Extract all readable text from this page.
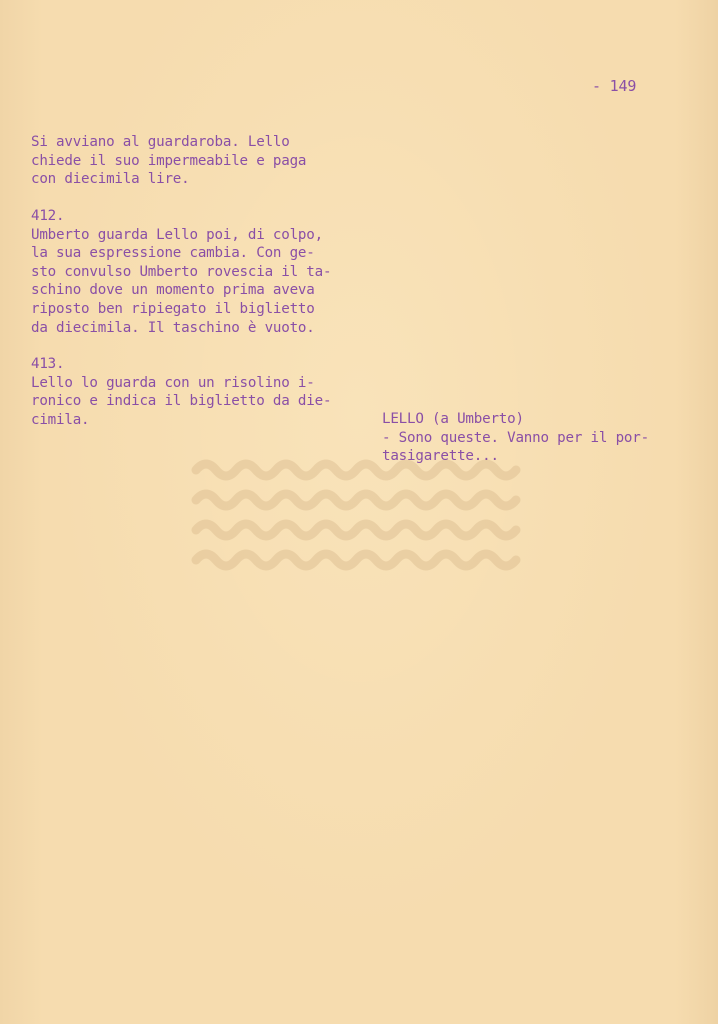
- 149
Si avviano al guardaroba. Lello
chiede il suo impermeabile e paga
con diecimila lire.
412.
Umberto guarda Lello poi, di colpo,
la sua espressione cambia. Con ge-
sto convulso Umberto rovescia il ta-
schino dove un momento prima aveva
riposto ben ripiegato il biglietto
da diecimila. Il taschino è vuoto.
413.
Lello lo guarda con un risolino i-
ronico e indica il biglietto da die-
cimila.	LELLO (a Umberto)
- Sono queste. Vanno per il por-
tasigarette...
